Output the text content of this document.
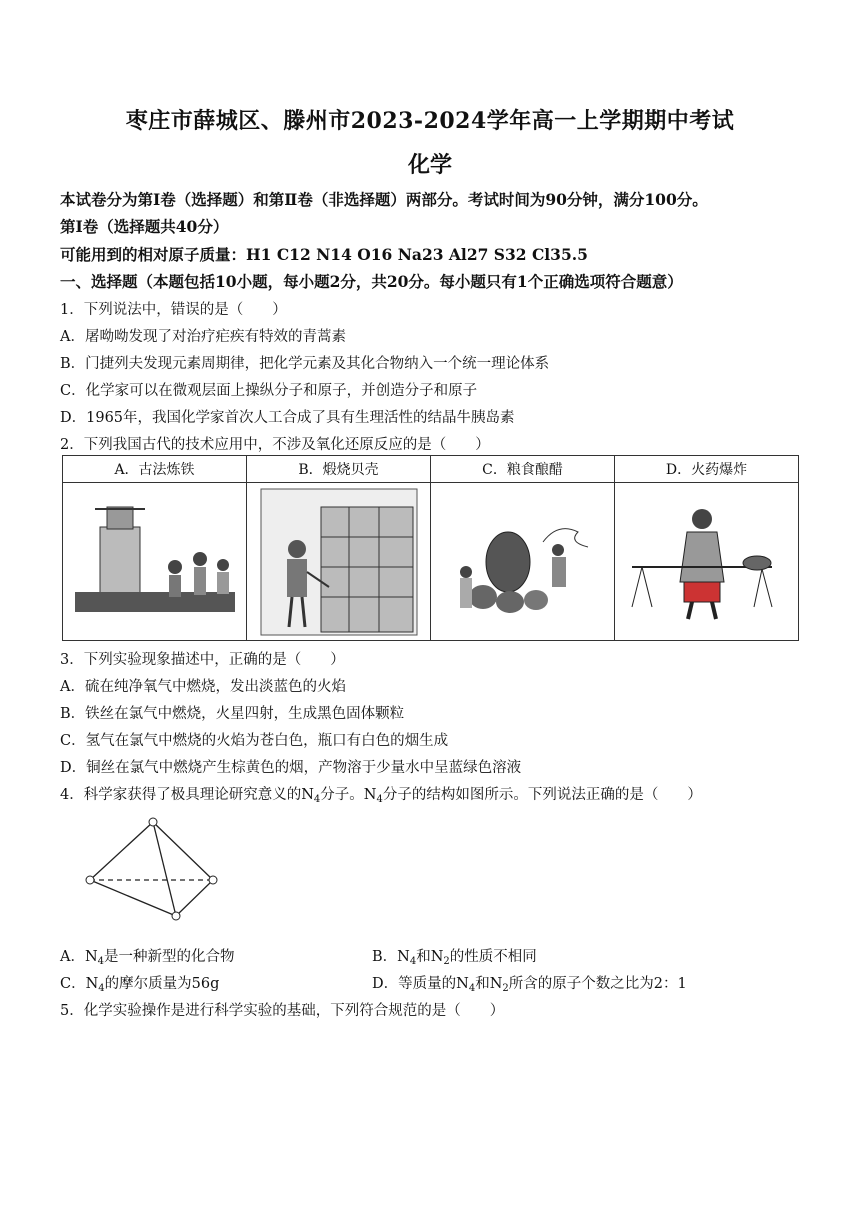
枣庄市薛城区、滕州市2023-2024学年高一上学期期中考试
化学
本试卷分为第Ⅰ卷（选择题）和第Ⅱ卷（非选择题）两部分。考试时间为90分钟，满分100分。
第Ⅰ卷（选择题共40分）
可能用到的相对原子质量：H1 C12 N14 O16 Na23 Al27 S32 Cl35.5
一、选择题（本题包括10小题，每小题2分，共20分。每小题只有1个正确选项符合题意）
1．下列说法中，错误的是（　　）
A．屠呦呦发现了对治疗疟疾有特效的青蒿素
B．门捷列夫发现元素周期律，把化学元素及其化合物纳入一个统一理论体系
C．化学家可以在微观层面上操纵分子和原子，并创造分子和原子
D．1965年，我国化学家首次人工合成了具有生理活性的结晶牛胰岛素
2．下列我国古代的技术应用中，不涉及氧化还原反应的是（　　）
A．古法炼铁	B．煅烧贝壳	C．粮食酿醋	D．火药爆炸

3．下列实验现象描述中，正确的是（　　）
A．硫在纯净氧气中燃烧，发出淡蓝色的火焰
B．铁丝在氯气中燃烧，火星四射，生成黑色固体颗粒
C．氢气在氯气中燃烧的火焰为苍白色，瓶口有白色的烟生成
D．铜丝在氯气中燃烧产生棕黄色的烟，产物溶于少量水中呈蓝绿色溶液
4．科学家获得了极具理论研究意义的$N_4$分子。$N_4$分子的结构如图所示。下列说法正确的是（　　）
A．$N_4$是一种新型的化合物	B．$N_4$和$N_2$的性质不相同
C．$N_4$的摩尔质量为56g	D．等质量的$N_4$和$N_2$所含的原子个数之比为2：1
5．化学实验操作是进行科学实验的基础，下列符合规范的是（　　）
